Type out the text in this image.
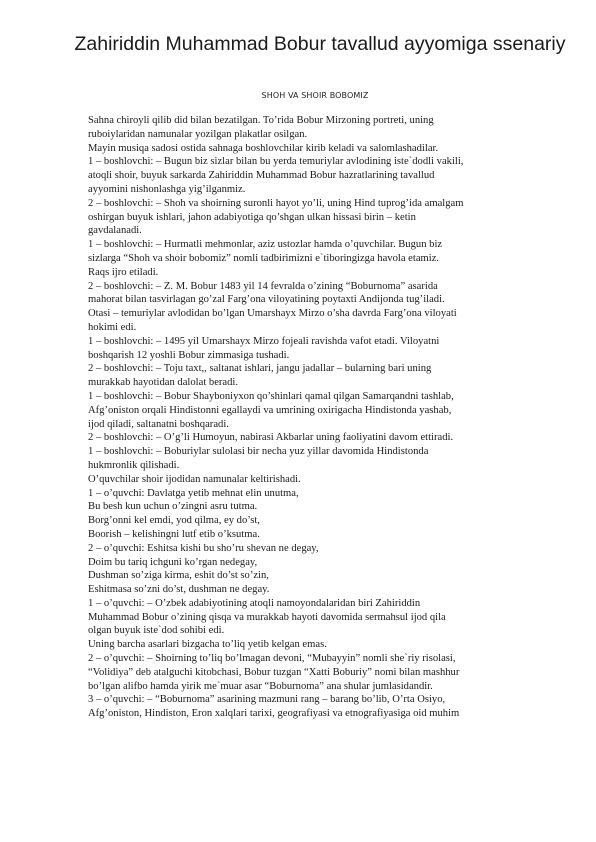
Zahiriddin Muhammad Bobur tavallud ayyomiga ssenariy
SHOH VA SHOIR BOBOMIZ
Sahna chiroyli qilib did bilan bezatilgan. To’rida Bobur Mirzoning portreti, uning
ruboiylaridan namunalar yozilgan plakatlar osilgan.
Mayin musiqa sadosi ostida sahnaga boshlovchilar kirib keladi va salomlashadilar.
1 – boshlovchi: – Bugun biz sizlar bilan bu yerda temuriylar avlodining iste`dodli vakili,
atoqli shoir, buyuk sarkarda Zahiriddin Muhammad Bobur hazratlarining tavallud
ayyomini nishonlashga yig’ilganmiz.
2 – boshlovchi: – Shoh va shoirning suronli hayot yo’li, uning Hind tuprog’ida amalgam
oshirgan buyuk ishlari, jahon adabiyotiga qo’shgan ulkan hissasi birin – ketin
gavdalanadi.
1 – boshlovchi: – Hurmatli mehmonlar, aziz ustozlar hamda o’quvchilar. Bugun biz
sizlarga “Shoh va shoir bobomiz” nomli tadbirimizni e`tiboringizga havola etamiz.
Raqs ijro etiladi.
2 – boshlovchi: – Z. M. Bobur 1483 yil 14 fevralda o’zining “Boburnoma” asarida
mahorat bilan tasvirlagan go’zal Farg’ona viloyatining poytaxti Andijonda tug’iladi.
Otasi – temuriylar avlodidan bo’lgan Umarshayx Mirzo o’sha davrda Farg’ona viloyati
hokimi edi.
1 – boshlovchi: – 1495 yil Umarshayx Mirzo fojeali ravishda vafot etadi. Viloyatni
boshqarish 12 yoshli Bobur zimmasiga tushadi.
2 – boshlovchi: – Toju taxt,, saltanat ishlari, jangu jadallar – bularning bari uning
murakkab hayotidan dalolat beradi.
1 – boshlovchi: – Bobur Shayboniyxon qo’shinlari qamal qilgan Samarqandni tashlab,
Afg’oniston orqali Hindistonni egallaydi va umrining oxirigacha Hindistonda yashab,
ijod qiladi, saltanatni boshqaradi.
2 – boshlovchi: – O’g’li Humoyun, nabirasi Akbarlar uning faoliyatini davom ettiradi.
1 – boshlovchi: – Boburiylar sulolasi bir necha yuz yillar davomida Hindistonda
hukmronlik qilishadi.
O’quvchilar shoir ijodidan namunalar keltirishadi.
1 – o’quvchi: Davlatga yetib mehnat elin unutma,
Bu besh kun uchun o’zingni asru tutma.
Borg’onni kel emdi, yod qilma, ey do’st,
Boorish – kelishingni lutf etib o’ksutma.
2 – o’quvchi: Eshitsa kishi bu sho’ru shevan ne degay,
Doim bu tariq ichguni ko’rgan nedegay,
Dushman so’ziga kirma, eshit do’st so’zin,
Eshitmasa so’zni do’st, dushman ne degay.
1 – o’quvchi: – O’zbek adabiyotining atoqli namoyondalaridan biri Zahiriddin
Muhammad Bobur o’zining qisqa va murakkab hayoti davomida sermahsul ijod qila
olgan buyuk iste`dod sohibi edi.
Uning barcha asarlari bizgacha to’liq yetib kelgan emas.
2 – o’quvchi: – Shoirning to’liq bo’lmagan devoni, “Mubayyin” nomli she`riy risolasi,
“Volidiya” deb atalguchi kitobchasi, Bobur tuzgan “Xatti Boburiy” nomi bilan mashhur
bo’lgan alifbo hamda yirik me`muar asar “Boburnoma” ana shular jumlasidandir.
3 – o’quvchi: – “Boburnoma” asarining mazmuni rang – barang bo’lib, O’rta Osiyo,
Afg’oniston, Hindiston, Eron xalqlari tarixi, geografiyasi va etnografiyasiga oid muhim
